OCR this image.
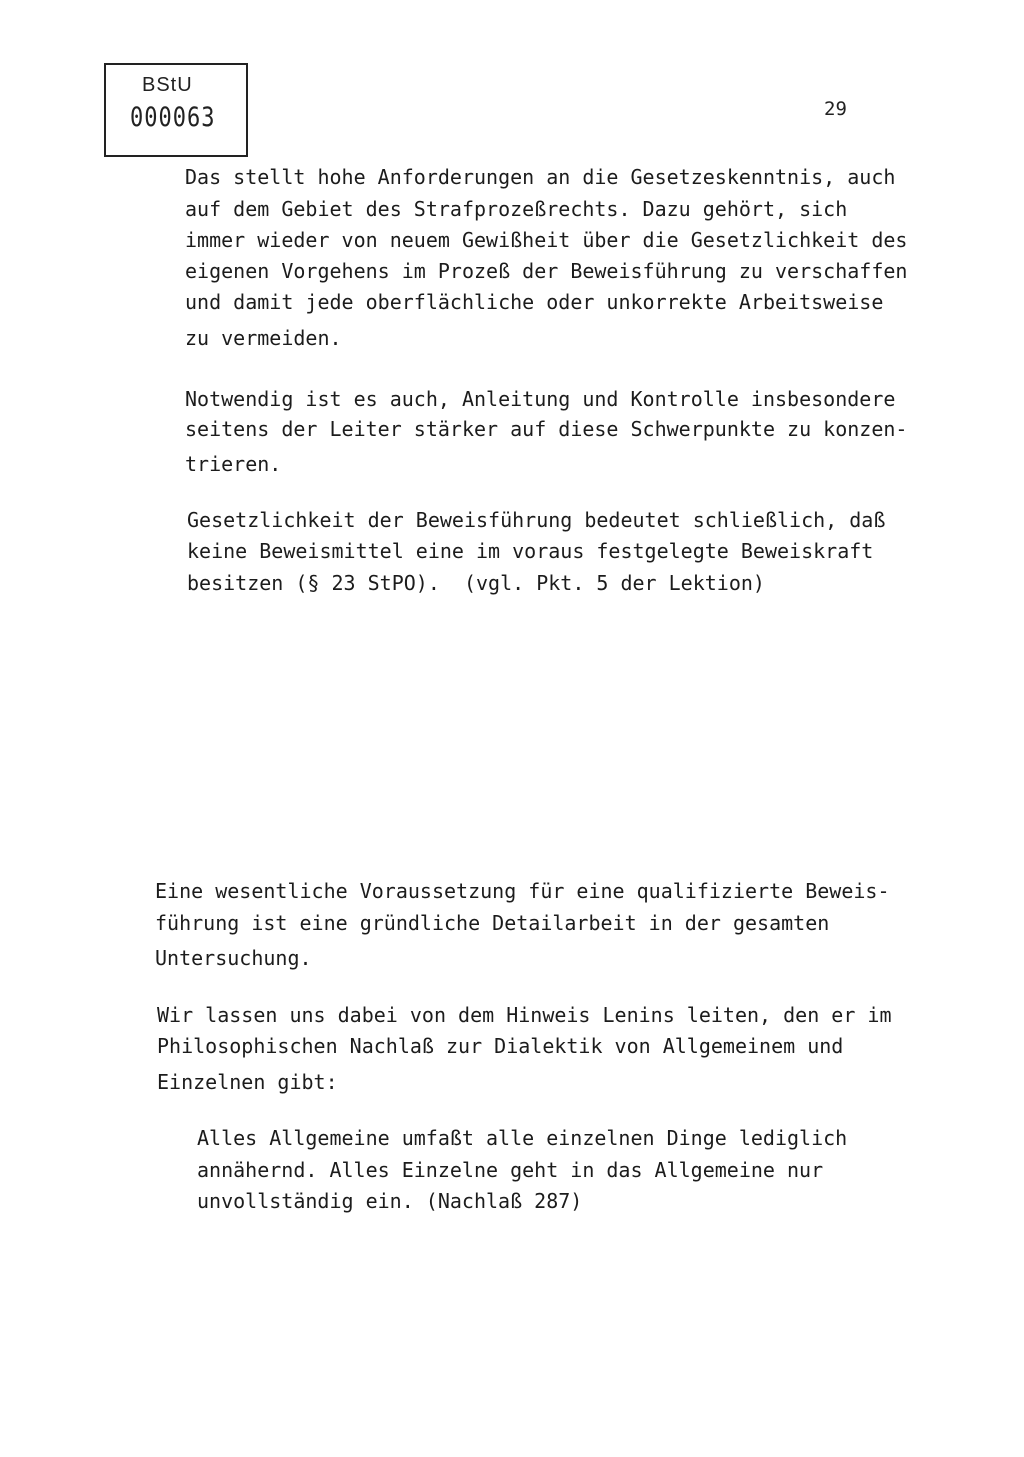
BStU
000063	29
Das stellt hohe Anforderungen an die Gesetzeskenntnis, auch
auf dem Gebiet des Strafprozeßrechts. Dazu gehört, sich
immer wieder von neuem Gewißheit über die Gesetzlichkeit des
eigenen Vorgehens im Prozeß der Beweisführung zu verschaffen
und damit jede oberflächliche oder unkorrekte Arbeitsweise
zu vermeiden.
Notwendig ist es auch, Anleitung und Kontrolle insbesondere
seitens der Leiter stärker auf diese Schwerpunkte zu konzen-
trieren.
Gesetzlichkeit der Beweisführung bedeutet schließlich, daß
keine Beweismittel eine im voraus festgelegte Beweiskraft
besitzen (§ 23 StPO).  (vgl. Pkt. 5 der Lektion)
Eine wesentliche Voraussetzung für eine qualifizierte Beweis-
führung ist eine gründliche Detailarbeit in der gesamten
Untersuchung.
Wir lassen uns dabei von dem Hinweis Lenins leiten, den er im
Philosophischen Nachlaß zur Dialektik von Allgemeinem und
Einzelnen gibt:
Alles Allgemeine umfaßt alle einzelnen Dinge lediglich
annähernd. Alles Einzelne geht in das Allgemeine nur
unvollständig ein. (Nachlaß 287)
